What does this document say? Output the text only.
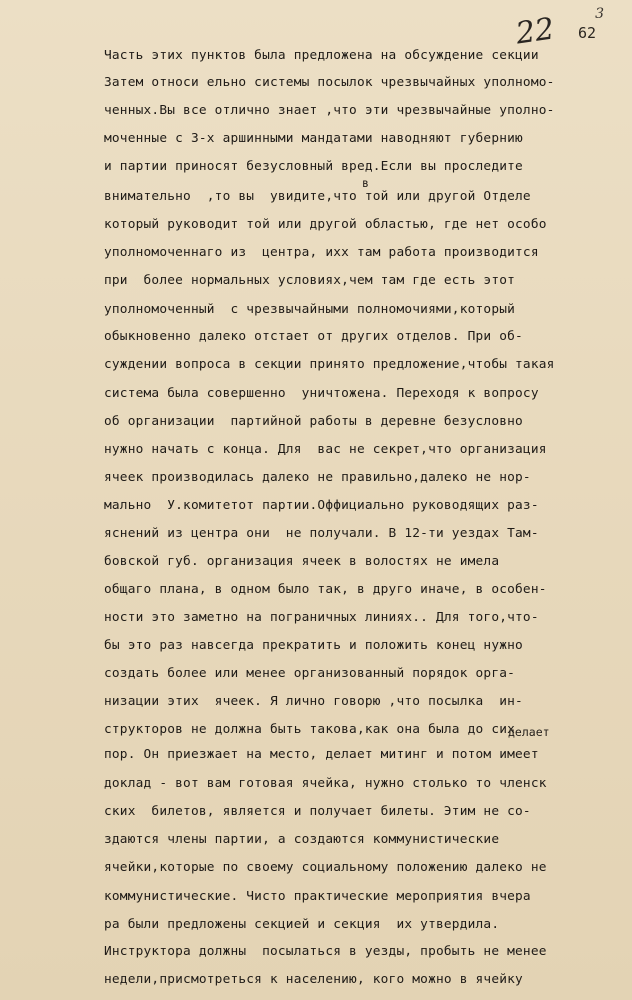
22	3
62
в
делает
Часть этих пунктов была предложена на обсуждение секции
Затем относи ельно системы посылок чрезвычайных уполномо-
ченных.Вы все отлично знает ,что эти чрезвычайные уполно-
моченные с 3-х аршинными мандатами наводняют губернию
и партии приносят безусловный вред.Если вы проследите
внимательно  ,то вы  увидите,что той или другой Отделе
который руководит той или другой областью, где нет особо
уполномоченнаго из  центра, ихх там работа производится
при  более нормальных условиях,чем там где есть этот
уполномоченный  с чрезвычайными полномочиями,который
обыкновенно далеко отстает от других отделов. При об-
суждении вопроса в секции принято предложение,чтобы такая
система была совершенно  уничтожена. Переходя к вопросу
об организации  партийной работы в деревне безусловно
нужно начать с конца. Для  вас не секрет,что организация
ячеек производилась далеко не правильно,далеко не нор-
мально  У.комитетот партии.Оффициально руководящих раз-
яснений из центра они  не получали. В 12-ти уездах Там-
бовской губ. организация ячеек в волостях не имела
общаго плана, в одном было так, в друго иначе, в особен-
ности это заметно на пограничных линиях.. Для того,что-
бы это раз навсегда прекратить и положить конец нужно
создать более или менее организованный порядок орга-
низации этих  ячеек. Я лично говорю ,что посылка  ин-
структоров не должна быть такова,как она была до сих
пор. Он приезжает на место, делает митинг и потом имеет
доклад - вот вам готовая ячейка, нужно столько то членск
ских  билетов, является и получает билеты. Этим не со-
здаются члены партии, а создаются коммунистические
ячейки,которые по своему социальному положению далеко не
коммунистические. Чисто практические мероприятия вчера
ра были предложены секцией и секция  их утвердила.
Инструктора должны  посылаться в уезды, пробыть не менее
недели,присмотреться к населению, кого можно в ячейку
